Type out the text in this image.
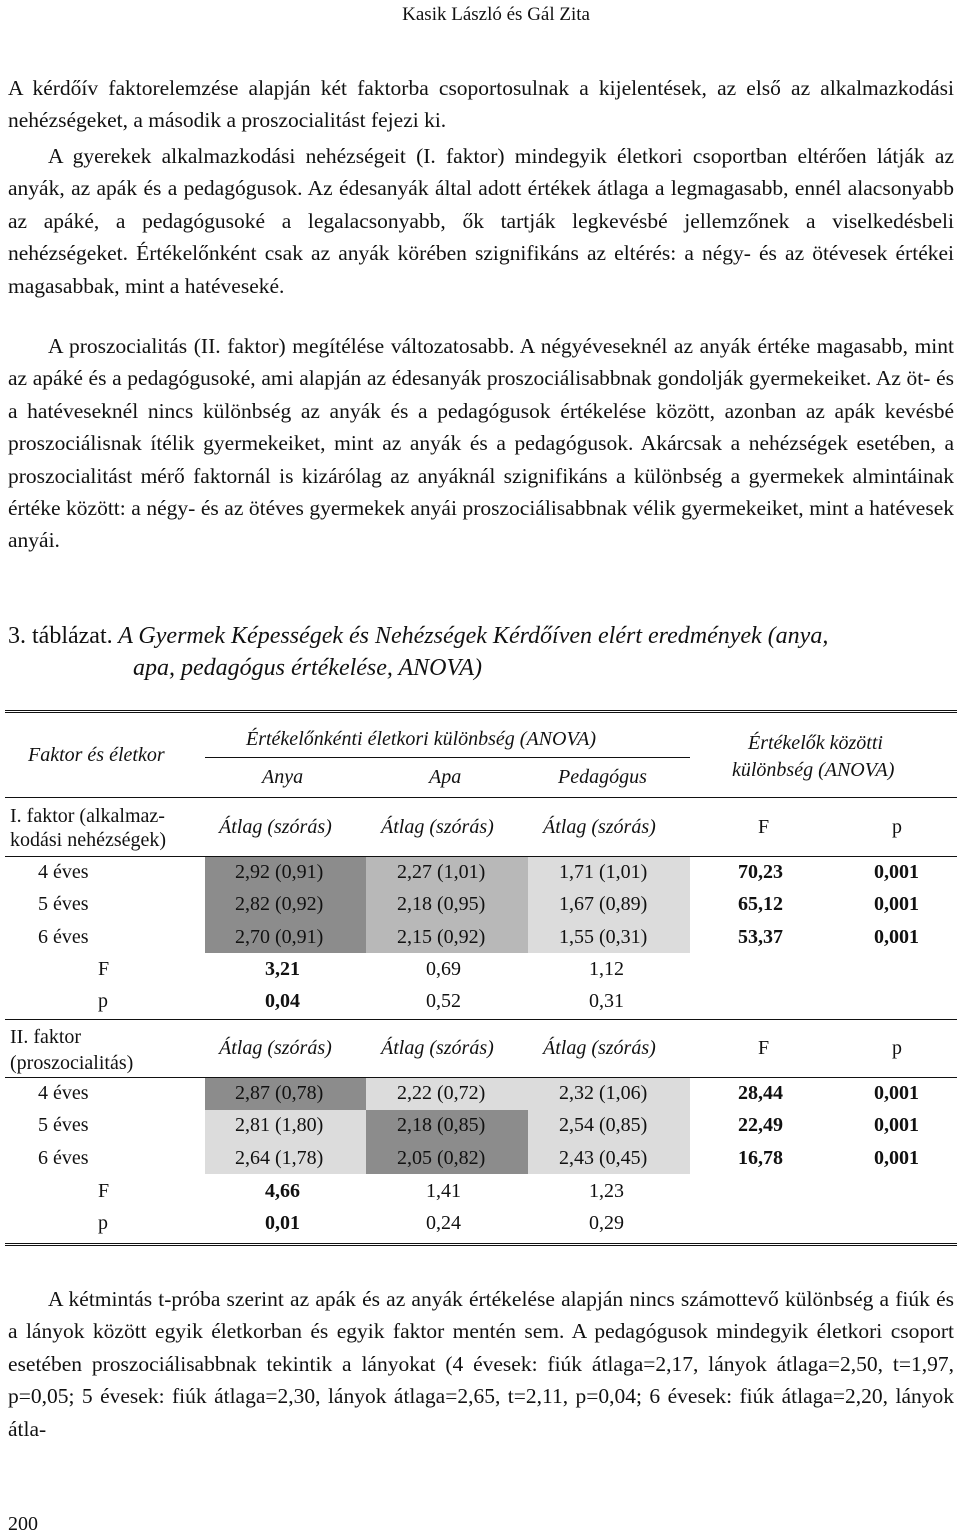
Kasik László és Gál Zita

A kérdőív faktorelemzése alapján két faktorba csoportosulnak a kijelentések, az első az alkalmazkodási nehézségeket, a második a proszocialitást fejezi ki.

A gyerekek alkalmazkodási nehézségeit (I. faktor) mindegyik életkori csoportban eltérően látják az anyák, az apák és a pedagógusok. Az édesanyák által adott értékek átlaga a legmagasabb, ennél alacsonyabb az apáké, a pedagógusoké a legalacsonyabb, ők tartják legkevésbé jellemzőnek a viselkedésbeli nehézségeket. Értékelőnként csak az anyák körében szignifikáns az eltérés: a négy- és az ötévesek értékei magasabbak, mint a hatéveseké.

A proszocialitás (II. faktor) megítélése változatosabb. A négyéveseknél az anyák értéke magasabb, mint az apáké és a pedagógusoké, ami alapján az édesanyák proszociálisabbnak gondolják gyermekeiket. Az öt- és a hatéveseknél nincs különbség az anyák és a pedagógusok értékelése között, azonban az apák kevésbé proszociálisnak ítélik gyermekeiket, mint az anyák és a pedagógusok. Akárcsak a nehézségek esetében, a proszocialitást mérő faktornál is kizárólag az anyáknál szignifikáns a különbség a gyermekek almintáinak értéke között: a négy- és az ötéves gyermekek anyái proszociálisabbnak vélik gyermekeiket, mint a hatévesek anyái.

3. táblázat. A Gyermek Képességek és Nehézségek Kérdőíven elért eredmények (anya,
apa, pedagógus értékelése, ANOVA)
Faktor és életkor
Értékelőnkénti életkori különbség (ANOVA)
Anya	Apa	Pedagógus
Értékelők közötti
különbség (ANOVA)
I. faktor (alkalmaz-
kodási nehézségek)
Átlag (szórás) Átlag (szórás) Átlag (szórás)	F	p
4 éves	2,92 (0,91)	2,27 (1,01)	1,71 (1,01)	70,23	0,001
5 éves	2,82 (0,92)	2,18 (0,95)	1,67 (0,89)	65,12	0,001
6 éves	2,70 (0,91)	2,15 (0,92)	1,55 (0,31)	53,37	0,001
F	3,21	0,69	1,12
p	0,04	0,52	0,31
II. faktor
(proszocialitás)
Átlag (szórás) Átlag (szórás) Átlag (szórás)	F	p
4 éves	2,87 (0,78)	2,22 (0,72)	2,32 (1,06)	28,44	0,001
5 éves	2,81 (1,80)	2,18 (0,85)	2,54 (0,85)	22,49	0,001
6 éves	2,64 (1,78)	2,05 (0,82)	2,43 (0,45)	16,78	0,001
F	4,66	1,41	1,23
p	0,01	0,24	0,29

A kétmintás t-próba szerint az apák és az anyák értékelése alapján nincs számottevő különbség a fiúk és a lányok között egyik életkorban és egyik faktor mentén sem. A pedagógusok mindegyik életkori csoport esetében proszociálisabbnak tekintik a lányokat (4 évesek: fiúk átlaga=2,17, lányok átlaga=2,50, t=1,97, p=0,05; 5 évesek: fiúk átlaga=2,30, lányok átlaga=2,65, t=2,11, p=0,04; 6 évesek: fiúk átlaga=2,20, lányok átla-

200
